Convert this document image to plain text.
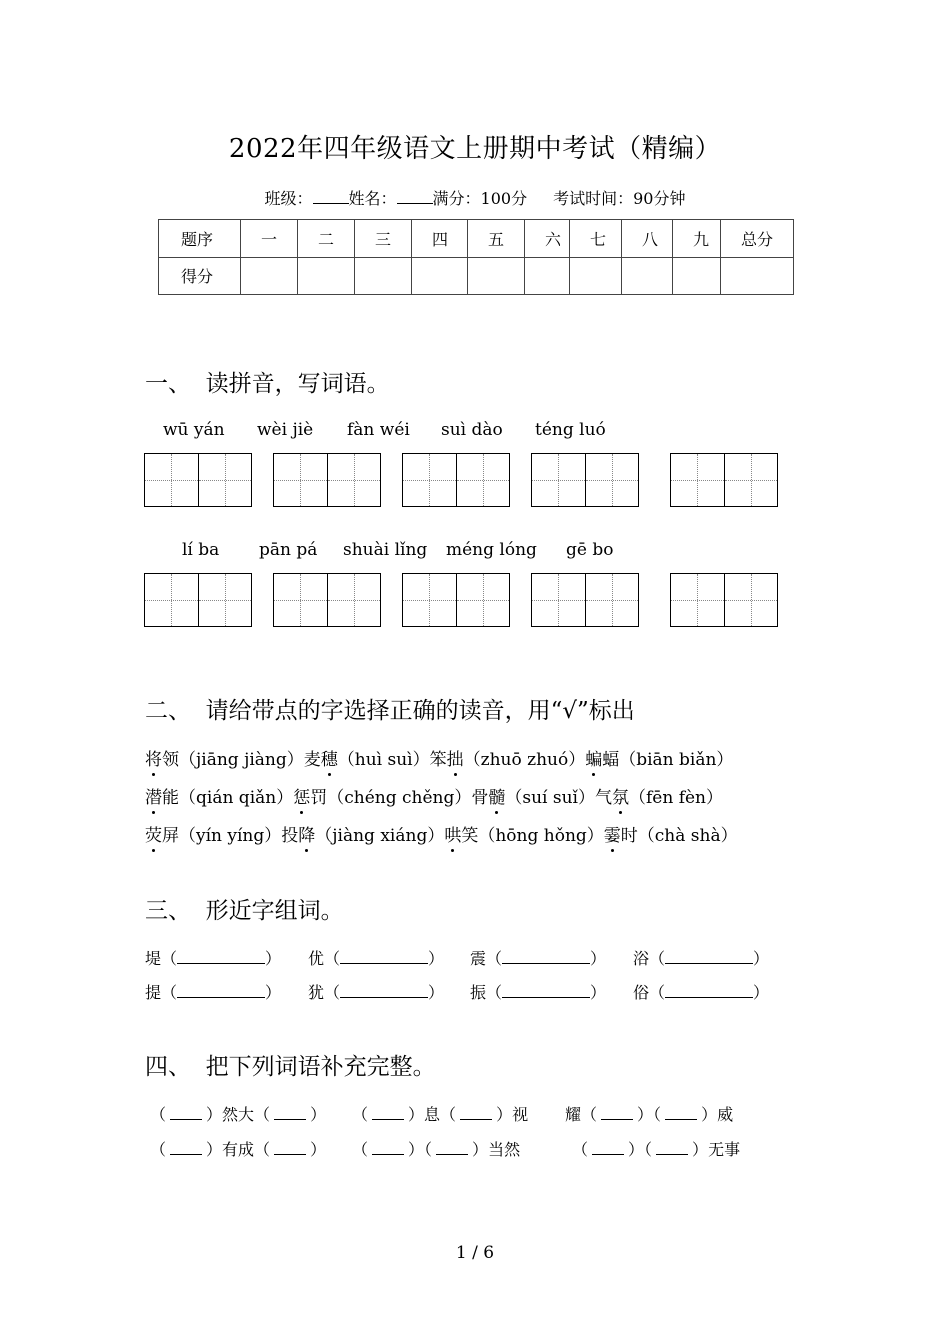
2022年四年级语文上册期中考试（精编）
班级： 姓名： 满分：100分 考试时间：90分钟
题序	一	二	三	四	五	六	七	八	九	总分
得分										
一、  读拼音，写词语。
wū yán wèi jiè fàn wéi suì dào téng luó
lí ba pān pá shuài lǐng méng lóng gē bo
二、  请给带点的字选择正确的读音，用“√”标出
将领（jiāng jiàng）麦穗（huì suì）笨拙（zhuō zhuó）蝙蝠（biān biǎn）
潜能（qián qiǎn）惩罚（chéng chěng）骨髓（suí suǐ）气氛（fēn fèn）
荧屏（yín yíng）投降（jiàng xiáng）哄笑（hōng hǒng）霎时（chà shà）
三、  形近字组词。
堤（	） 优（	） 震（	） 浴（	）
提（	） 犹（	） 振（	） 俗（	）
四、  把下列词语补充完整。
（	）然大（	） （	）息（	）视 耀（	）（	）威
（	）有成（	） （	）（	）当然	（	）（	）无事
1 / 6
